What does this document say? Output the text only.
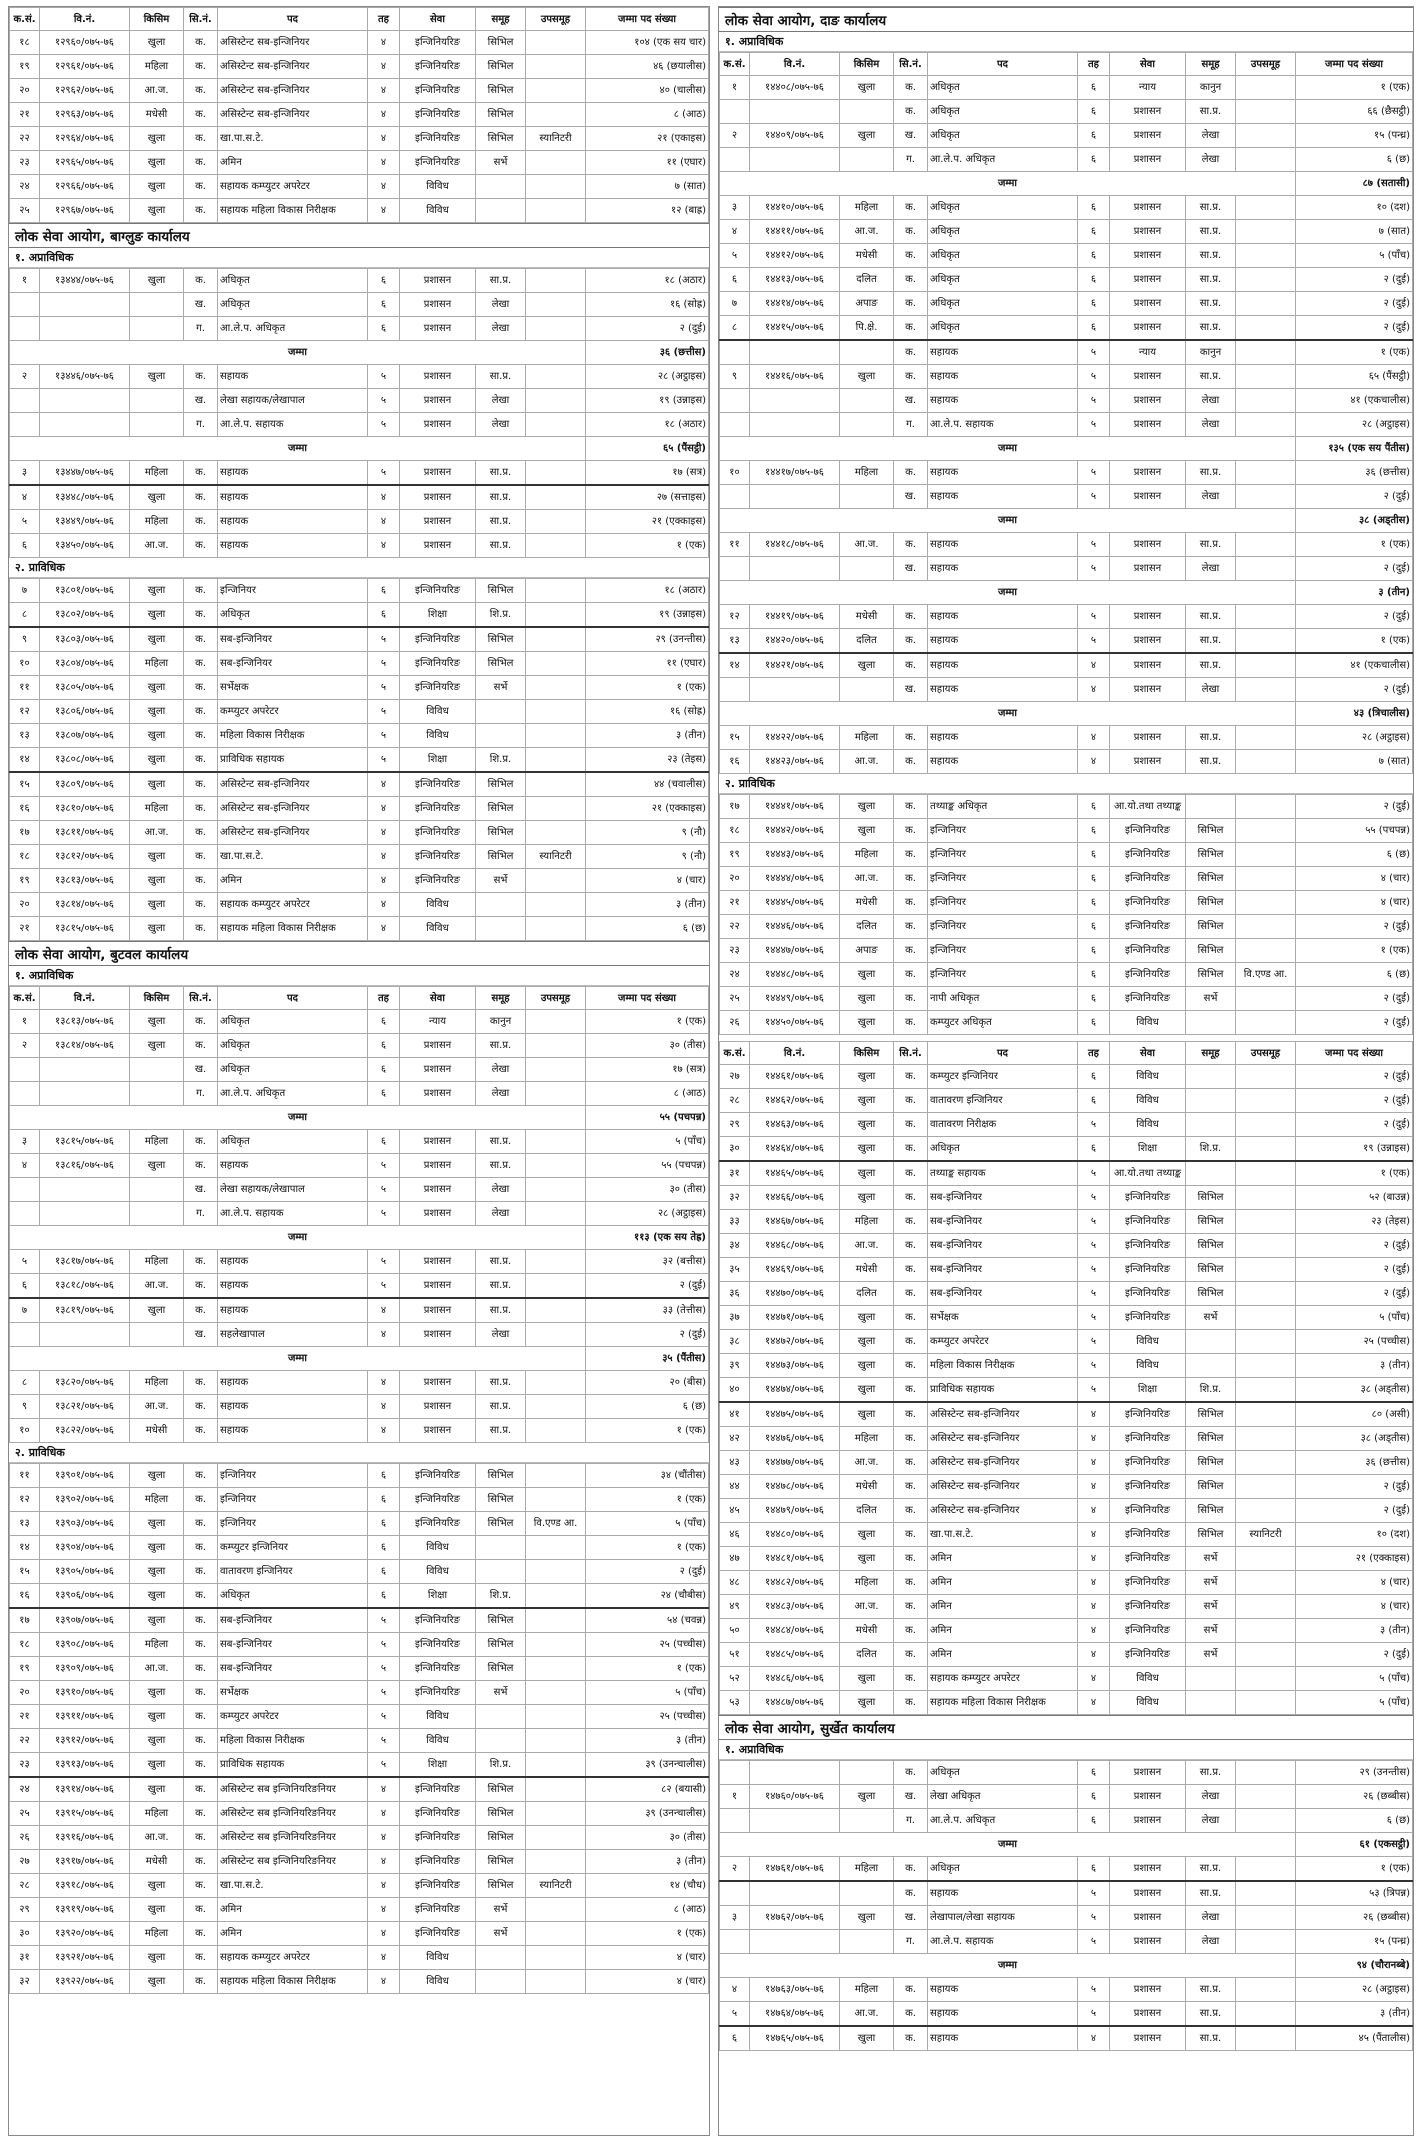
क.सं.	वि.नं.	किसिम	सि.नं.	पद	तह	सेवा	समूह	उपसमूह	जम्मा पद संख्या
१८	१२९६०/०७५-७६	खुला	क.	असिस्टेन्ट सब-इन्जिनियर	४	इन्जिनियरिङ	सिभिल		१०४ (एक सय चार)
१९	१२९६१/०७५-७६	महिला	क.	असिस्टेन्ट सब-इन्जिनियर	४	इन्जिनियरिङ	सिभिल		४६ (छयालीस)
२०	१२९६२/०७५-७६	आ.ज.	क.	असिस्टेन्ट सब-इन्जिनियर	४	इन्जिनियरिङ	सिभिल		४० (चालीस)
२१	१२९६३/०७५-७६	मधेसी	क.	असिस्टेन्ट सब-इन्जिनियर	४	इन्जिनियरिङ	सिभिल		८ (आठ)
२२	१२९६४/०७५-७६	खुला	क.	खा.पा.स.टे.	४	इन्जिनियरिङ	सिभिल	स्यानिटरी	२१ (एकाइस)
२३	१२९६५/०७५-७६	खुला	क.	अमिन	४	इन्जिनियरिङ	सर्भे		११ (एघार)
२४	१२९६६/०७५-७६	खुला	क.	सहायक कम्प्युटर अपरेटर	४	विविध			७ (सात)
२५	१२९६७/०७५-७६	खुला	क.	सहायक महिला विकास निरीक्षक	४	विविध			१२ (बाह्र)
लोक सेवा आयोग, बाग्लुङ कार्यालय
१. अप्राविधिक
१	१३४४४/०७५-७६	खुला	क.	अधिकृत	६	प्रशासन	सा.प्र.		१८ (अठार)
			ख.	अधिकृत	६	प्रशासन	लेखा		१६ (सोह्र)
			ग.	आ.ले.प. अधिकृत	६	प्रशासन	लेखा		२ (दुई)
जम्मा									३६ (छत्तीस)
२	१३४४६/०७५-७६	खुला	क.	सहायक	५	प्रशासन	सा.प्र.		२८ (अट्ठाइस)
			ख.	लेखा सहायक/लेखापाल	५	प्रशासन	लेखा		१९ (उन्नाइस)
			ग.	आ.ले.प. सहायक	५	प्रशासन	लेखा		१८ (अठार)
जम्मा									६५ (पैंसट्ठी)
३	१३४४७/०७५-७६	महिला	क.	सहायक	५	प्रशासन	सा.प्र.		१७ (सत्र)
४	१३४४८/०७५-७६	खुला	क.	सहायक	४	प्रशासन	सा.प्र.		२७ (सत्ताइस)
५	१३४४९/०७५-७६	महिला	क.	सहायक	४	प्रशासन	सा.प्र.		२१ (एक्काइस)
६	१३४५०/०७५-७६	आ.ज.	क.	सहायक	४	प्रशासन	सा.प्र.		१ (एक)
२. प्राविधिक
७	१३८०१/०७५-७६	खुला	क.	इन्जिनियर	६	इन्जिनियरिङ	सिभिल		१८ (अठार)
८	१३८०२/०७५-७६	खुला	क.	अधिकृत	६	शिक्षा	शि.प्र.		१९ (उन्नाइस)
९	१३८०३/०७५-७६	खुला	क.	सब-इन्जिनियर	५	इन्जिनियरिङ	सिभिल		२९ (उनन्तीस)
१०	१३८०४/०७५-७६	महिला	क.	सब-इन्जिनियर	५	इन्जिनियरिङ	सिभिल		११ (एघार)
११	१३८०५/०७५-७६	खुला	क.	सर्भेक्षक	५	इन्जिनियरिङ	सर्भे		१ (एक)
१२	१३८०६/०७५-७६	खुला	क.	कम्प्युटर अपरेटर	५	विविध			१६ (सोह्र)
१३	१३८०७/०७५-७६	खुला	क.	महिला विकास निरीक्षक	५	विविध			३ (तीन)
१४	१३८०८/०७५-७६	खुला	क.	प्राविधिक सहायक	५	शिक्षा	शि.प्र.		२३ (तेइस)
१५	१३८०९/०७५-७६	खुला	क.	असिस्टेन्ट सब-इन्जिनियर	४	इन्जिनियरिङ	सिभिल		४४ (चवालीस)
१६	१३८१०/०७५-७६	महिला	क.	असिस्टेन्ट सब-इन्जिनियर	४	इन्जिनियरिङ	सिभिल		२१ (एक्काइस)
१७	१३८११/०७५-७६	आ.ज.	क.	असिस्टेन्ट सब-इन्जिनियर	४	इन्जिनियरिङ	सिभिल		९ (नौ)
१८	१३८१२/०७५-७६	खुला	क.	खा.पा.स.टे.	४	इन्जिनियरिङ	सिभिल	स्यानिटरी	९ (नौ)
१९	१३८१३/०७५-७६	खुला	क.	अमिन	४	इन्जिनियरिङ	सर्भे		४ (चार)
२०	१३८१४/०७५-७६	खुला	क.	सहायक कम्प्युटर अपरेटर	४	विविध			३ (तीन)
२१	१३८१५/०७५-७६	खुला	क.	सहायक महिला विकास निरीक्षक	४	विविध			६ (छ)
लोक सेवा आयोग, बुटवल कार्यालय
१. अप्राविधिक
क.सं.	वि.नं.	किसिम	सि.नं.	पद	तह	सेवा	समूह	उपसमूह	जम्मा पद संख्या
१	१३८१३/०७५-७६	खुला	क.	अधिकृत	६	न्याय	कानुन		१ (एक)
२	१३८१४/०७५-७६	खुला	क.	अधिकृत	६	प्रशासन	सा.प्र.		३० (तीस)
			ख.	अधिकृत	६	प्रशासन	लेखा		१७ (सत्र)
			ग.	आ.ले.प. अधिकृत	६	प्रशासन	लेखा		८ (आठ)
जम्मा									५५ (पचपन्न)
३	१३८१५/०७५-७६	महिला	क.	अधिकृत	६	प्रशासन	सा.प्र.		५ (पाँच)
४	१३८१६/०७५-७६	खुला	क.	सहायक	५	प्रशासन	सा.प्र.		५५ (पचपन्न)
			ख.	लेखा सहायक/लेखापाल	५	प्रशासन	लेखा		३० (तीस)
			ग.	आ.ले.प. सहायक	५	प्रशासन	लेखा		२८ (अट्ठाइस)
जम्मा									११३ (एक सय तेह्र)
५	१३८१७/०७५-७६	महिला	क.	सहायक	५	प्रशासन	सा.प्र.		३२ (बत्तीस)
६	१३८१८/०७५-७६	आ.ज.	क.	सहायक	५	प्रशासन	सा.प्र.		२ (दुई)
७	१३८१९/०७५-७६	खुला	क.	सहायक	४	प्रशासन	सा.प्र.		३३ (तेत्तीस)
			ख.	सहलेखापाल	४	प्रशासन	लेखा		२ (दुई)
जम्मा									३५ (पैंतीस)
८	१३८२०/०७५-७६	महिला	क.	सहायक	४	प्रशासन	सा.प्र.		२० (बीस)
९	१३८२१/०७५-७६	आ.ज.	क.	सहायक	४	प्रशासन	सा.प्र.		६ (छ)
१०	१३८२२/०७५-७६	मधेसी	क.	सहायक	४	प्रशासन	सा.प्र.		१ (एक)
२. प्राविधिक
११	१३९०१/०७५-७६	खुला	क.	इन्जिनियर	६	इन्जिनियरिङ	सिभिल		३४ (चौंतीस)
१२	१३९०२/०७५-७६	महिला	क.	इन्जिनियर	६	इन्जिनियरिङ	सिभिल		१ (एक)
१३	१३९०३/०७५-७६	खुला	क.	इन्जिनियर	६	इन्जिनियरिङ	सिभिल	वि.एण्ड आ.	५ (पाँच)
१४	१३९०४/०७५-७६	खुला	क.	कम्प्युटर इन्जिनियर	६	विविध			१ (एक)
१५	१३९०५/०७५-७६	खुला	क.	वातावरण इन्जिनियर	६	विविध			२ (दुई)
१६	१३९०६/०७५-७६	खुला	क.	अधिकृत	६	शिक्षा	शि.प्र.		२४ (चौबीस)
१७	१३९०७/०७५-७६	खुला	क.	सब-इन्जिनियर	५	इन्जिनियरिङ	सिभिल		५४ (चवन्न)
१८	१३९०८/०७५-७६	महिला	क.	सब-इन्जिनियर	५	इन्जिनियरिङ	सिभिल		२५ (पच्चीस)
१९	१३९०९/०७५-७६	आ.ज.	क.	सब-इन्जिनियर	५	इन्जिनियरिङ	सिभिल		१ (एक)
२०	१३९१०/०७५-७६	खुला	क.	सर्भेक्षक	५	इन्जिनियरिङ	सर्भे		५ (पाँच)
२१	१३९११/०७५-७६	खुला	क.	कम्प्युटर अपरेटर	५	विविध			२५ (पच्चीस)
२२	१३९१२/०७५-७६	खुला	क.	महिला विकास निरीक्षक	५	विविध			३ (तीन)
२३	१३९१३/०७५-७६	खुला	क.	प्राविधिक सहायक	५	शिक्षा	शि.प्र.		३९ (उनन्चालीस)
२४	१३९१४/०७५-७६	खुला	क.	असिस्टेन्ट सब इन्जिनियरिङनियर	४	इन्जिनियरिङ	सिभिल		८२ (बयासी)
२५	१३९१५/०७५-७६	महिला	क.	असिस्टेन्ट सब इन्जिनियरिङनियर	४	इन्जिनियरिङ	सिभिल		३९ (उनन्चालीस)
२६	१३९१६/०७५-७६	आ.ज.	क.	असिस्टेन्ट सब इन्जिनियरिङनियर	४	इन्जिनियरिङ	सिभिल		३० (तीस)
२७	१३९१७/०७५-७६	मधेसी	क.	असिस्टेन्ट सब इन्जिनियरिङनियर	४	इन्जिनियरिङ	सिभिल		३ (तीन)
२८	१३९१८/०७५-७६	खुला	क.	खा.पा.स.टे.	४	इन्जिनियरिङ	सिभिल	स्यानिटरी	१४ (चौध)
२९	१३९१९/०७५-७६	खुला	क.	अमिन	४	इन्जिनियरिङ	सर्भे		८ (आठ)
३०	१३९२०/०७५-७६	महिला	क.	अमिन	४	इन्जिनियरिङ	सर्भे		१ (एक)
३१	१३९२१/०७५-७६	खुला	क.	सहायक कम्प्युटर अपरेटर	४	विविध			४ (चार)
३२	१३९२२/०७५-७६	खुला	क.	सहायक महिला विकास निरीक्षक	४	विविध			४ (चार)
लोक सेवा आयोग, दाङ कार्यालय
१. अप्राविधिक
क.सं.	वि.नं.	किसिम	सि.नं.	पद	तह	सेवा	समूह	उपसमूह	जम्मा पद संख्या
१	१४४०८/०७५-७६	खुला	क.	अधिकृत	६	न्याय	कानुन		१ (एक)
			क.	अधिकृत	६	प्रशासन	सा.प्र.		६६ (छैसट्ठी)
२	१४४०९/०७५-७६	खुला	ख.	अधिकृत	६	प्रशासन	लेखा		१५ (पन्ध्र)
			ग.	आ.ले.प. अधिकृत	६	प्रशासन	लेखा		६ (छ)
जम्मा									८७ (सतासी)
३	१४४१०/०७५-७६	महिला	क.	अधिकृत	६	प्रशासन	सा.प्र.		१० (दश)
४	१४४११/०७५-७६	आ.ज.	क.	अधिकृत	६	प्रशासन	सा.प्र.		७ (सात)
५	१४४१२/०७५-७६	मधेसी	क.	अधिकृत	६	प्रशासन	सा.प्र.		५ (पाँच)
६	१४४१३/०७५-७६	दलित	क.	अधिकृत	६	प्रशासन	सा.प्र.		२ (दुई)
७	१४४१४/०७५-७६	अपाङ	क.	अधिकृत	६	प्रशासन	सा.प्र.		२ (दुई)
८	१४४१५/०७५-७६	पि.क्षे.	क.	अधिकृत	६	प्रशासन	सा.प्र.		२ (दुई)
			क.	सहायक	५	न्याय	कानुन		१ (एक)
९	१४४१६/०७५-७६	खुला	क.	सहायक	५	प्रशासन	सा.प्र.		६५ (पैंसट्ठी)
			ख.	सहायक	५	प्रशासन	लेखा		४१ (एकचालीस)
			ग.	आ.ले.प. सहायक	५	प्रशासन	लेखा		२८ (अट्ठाइस)
जम्मा									१३५ (एक सय पैंतीस)
१०	१४४१७/०७५-७६	महिला	क.	सहायक	५	प्रशासन	सा.प्र.		३६ (छत्तीस)
			ख.	सहायक	५	प्रशासन	लेखा		२ (दुई)
जम्मा									३८ (अड्तीस)
११	१४४१८/०७५-७६	आ.ज.	क.	सहायक	५	प्रशासन	सा.प्र.		१ (एक)
			ख.	सहायक	५	प्रशासन	लेखा		२ (दुई)
जम्मा									३ (तीन)
१२	१४४१९/०७५-७६	मधेसी	क.	सहायक	५	प्रशासन	सा.प्र.		२ (दुई)
१३	१४४२०/०७५-७६	दलित	क.	सहायक	५	प्रशासन	सा.प्र.		१ (एक)
१४	१४४२१/०७५-७६	खुला	क.	सहायक	४	प्रशासन	सा.प्र.		४१ (एकचालीस)
			ख.	सहायक	४	प्रशासन	लेखा		२ (दुई)
जम्मा									४३ (त्रिचालीस)
१५	१४४२२/०७५-७६	महिला	क.	सहायक	४	प्रशासन	सा.प्र.		२८ (अट्ठाइस)
१६	१४४२३/०७५-७६	आ.ज.	क.	सहायक	४	प्रशासन	सा.प्र.		७ (सात)
२. प्राविधिक
१७	१४४४१/०७५-७६	खुला	क.	तथ्याङ्क अधिकृत	६	आ.यो.तथा तथ्याङ्क			२ (दुई)
१८	१४४४२/०७५-७६	खुला	क.	इन्जिनियर	६	इन्जिनियरिङ	सिभिल		५५ (पचपन्न)
१९	१४४४३/०७५-७६	महिला	क.	इन्जिनियर	६	इन्जिनियरिङ	सिभिल		६ (छ)
२०	१४४४४/०७५-७६	आ.ज.	क.	इन्जिनियर	६	इन्जिनियरिङ	सिभिल		४ (चार)
२१	१४४४५/०७५-७६	मधेसी	क.	इन्जिनियर	६	इन्जिनियरिङ	सिभिल		४ (चार)
२२	१४४४६/०७५-७६	दलित	क.	इन्जिनियर	६	इन्जिनियरिङ	सिभिल		२ (दुई)
२३	१४४४७/०७५-७६	अपाङ	क.	इन्जिनियर	६	इन्जिनियरिङ	सिभिल		१ (एक)
२४	१४४४८/०७५-७६	खुला	क.	इन्जिनियर	६	इन्जिनियरिङ	सिभिल	वि.एण्ड आ.	६ (छ)
२५	१४४४९/०७५-७६	खुला	क.	नापी अधिकृत	६	इन्जिनियरिङ	सर्भे		२ (दुई)
२६	१४४५०/०७५-७६	खुला	क.	कम्प्युटर अधिकृत	६	विविध			२ (दुई)
क.सं.	वि.नं.	किसिम	सि.नं.	पद	तह	सेवा	समूह	उपसमूह	जम्मा पद संख्या
२७	१४४६१/०७५-७६	खुला	क.	कम्प्युटर इन्जिनियर	६	विविध			२ (दुई)
२८	१४४६२/०७५-७६	खुला	क.	वातावरण इन्जिनियर	६	विविध			२ (दुई)
२९	१४४६३/०७५-७६	खुला	क.	वातावरण निरीक्षक	५	विविध			२ (दुई)
३०	१४४६४/०७५-७६	खुला	क.	अधिकृत	६	शिक्षा	शि.प्र.		१९ (उन्नाइस)
३१	१४४६५/०७५-७६	खुला	क.	तथ्याङ्क सहायक	५	आ.यो.तथा तथ्याङ्क			१ (एक)
३२	१४४६६/०७५-७६	खुला	क.	सब-इन्जिनियर	५	इन्जिनियरिङ	सिभिल		५२ (बाउन्न)
३३	१४४६७/०७५-७६	महिला	क.	सब-इन्जिनियर	५	इन्जिनियरिङ	सिभिल		२३ (तेइस)
३४	१४४६८/०७५-७६	आ.ज.	क.	सब-इन्जिनियर	५	इन्जिनियरिङ	सिभिल		२ (दुई)
३५	१४४६९/०७५-७६	मधेसी	क.	सब-इन्जिनियर	५	इन्जिनियरिङ	सिभिल		२ (दुई)
३६	१४४७०/०७५-७६	दलित	क.	सब-इन्जिनियर	५	इन्जिनियरिङ	सिभिल		२ (दुई)
३७	१४४७१/०७५-७६	खुला	क.	सर्भेक्षक	५	इन्जिनियरिङ	सर्भे		५ (पाँच)
३८	१४४७२/०७५-७६	खुला	क.	कम्प्युटर अपरेटर	५	विविध			२५ (पच्चीस)
३९	१४४७३/०७५-७६	खुला	क.	महिला विकास निरीक्षक	५	विविध			३ (तीन)
४०	१४४७४/०७५-७६	खुला	क.	प्राविधिक सहायक	५	शिक्षा	शि.प्र.		३८ (अड्तीस)
४१	१४४७५/०७५-७६	खुला	क.	असिस्टेन्ट सब-इन्जिनियर	४	इन्जिनियरिङ	सिभिल		८० (असी)
४२	१४४७६/०७५-७६	महिला	क.	असिस्टेन्ट सब-इन्जिनियर	४	इन्जिनियरिङ	सिभिल		३८ (अड्तीस)
४३	१४४७७/०७५-७६	आ.ज.	क.	असिस्टेन्ट सब-इन्जिनियर	४	इन्जिनियरिङ	सिभिल		३६ (छत्तीस)
४४	१४४७८/०७५-७६	मधेसी	क.	असिस्टेन्ट सब-इन्जिनियर	४	इन्जिनियरिङ	सिभिल		२ (दुई)
४५	१४४७९/०७५-७६	दलित	क.	असिस्टेन्ट सब-इन्जिनियर	४	इन्जिनियरिङ	सिभिल		२ (दुई)
४६	१४४८०/०७५-७६	खुला	क.	खा.पा.स.टे.	४	इन्जिनियरिङ	सिभिल	स्यानिटरी	१० (दश)
४७	१४४८१/०७५-७६	खुला	क.	अमिन	४	इन्जिनियरिङ	सर्भे		२१ (एक्काइस)
४८	१४४८२/०७५-७६	महिला	क.	अमिन	४	इन्जिनियरिङ	सर्भे		४ (चार)
४९	१४४८३/०७५-७६	आ.ज.	क.	अमिन	४	इन्जिनियरिङ	सर्भे		४ (चार)
५०	१४४८४/०७५-७६	मधेसी	क.	अमिन	४	इन्जिनियरिङ	सर्भे		३ (तीन)
५१	१४४८५/०७५-७६	दलित	क.	अमिन	४	इन्जिनियरिङ	सर्भे		२ (दुई)
५२	१४४८६/०७५-७६	खुला	क.	सहायक कम्प्युटर अपरेटर	४	विविध			५ (पाँच)
५३	१४४८७/०७५-७६	खुला	क.	सहायक महिला विकास निरीक्षक	४	विविध			५ (पाँच)
लोक सेवा आयोग, सुर्खेत कार्यालय
१. अप्राविधिक
			क.	अधिकृत	६	प्रशासन	सा.प्र.		२९ (उनन्तीस)
१	१४७६०/०७५-७६	खुला	ख.	लेखा अधिकृत	६	प्रशासन	लेखा		२६ (छब्बीस)
			ग.	आ.ले.प. अधिकृत	६	प्रशासन	लेखा		६ (छ)
जम्मा									६१ (एकसट्ठी)
२	१४७६१/०७५-७६	महिला	क.	अधिकृत	६	प्रशासन	सा.प्र.		१ (एक)
			क.	सहायक	५	प्रशासन	सा.प्र.		५३ (त्रिपन्न)
३	१४७६२/०७५-७६	खुला	ख.	लेखापाल/लेखा सहायक	५	प्रशासन	लेखा		२६ (छब्बीस)
			ग.	आ.ले.प. सहायक	५	प्रशासन	लेखा		१५ (पन्ध्र)
जम्मा									९४ (चौरानब्बे)
४	१४७६३/०७५-७६	महिला	क.	सहायक	५	प्रशासन	सा.प्र.		२८ (अट्ठाइस)
५	१४७६४/०७५-७६	आ.ज.	क.	सहायक	५	प्रशासन	सा.प्र.		३ (तीन)
६	१४७६५/०७५-७६	खुला	क.	सहायक	४	प्रशासन	सा.प्र.		४५ (पैंतालीस)
